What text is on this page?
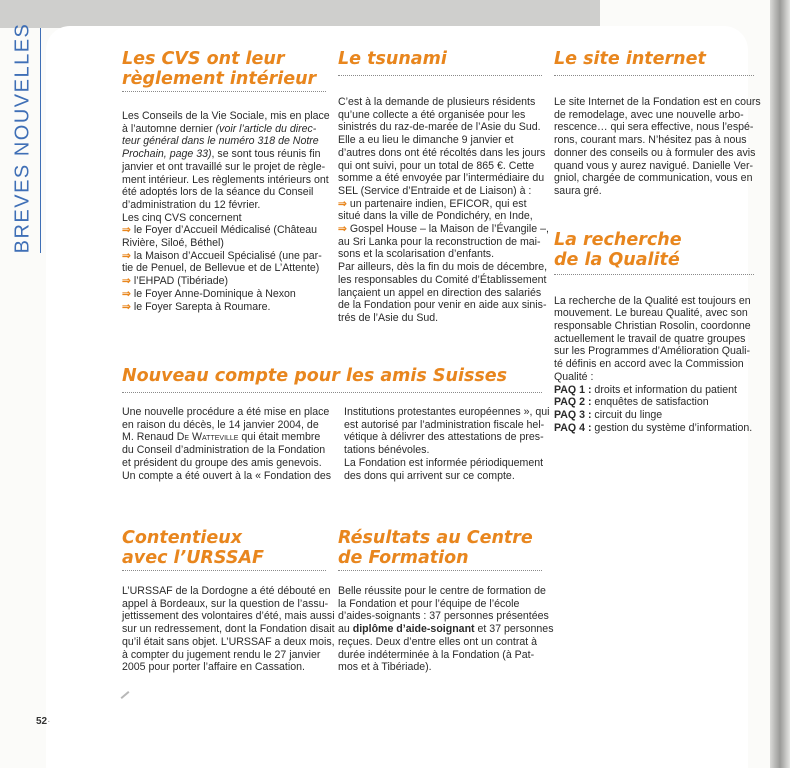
BREVES NOUVELLES	Les CVS ont leur
règlement intérieur
Les Conseils de la Vie Sociale, mis en place
à l’automne dernier (voir l’article du direc-
teur général dans le numéro 318 de Notre
Prochain, page 33), se sont tous réunis fin
janvier et ont travaillé sur le projet de règle-
ment intérieur. Les règlements intérieurs ont
été adoptés lors de la séance du Conseil
d’administration du 12 février.
Les cinq CVS concernent
⇒ le Foyer d’Accueil Médicalisé (Château
Rivière, Siloé, Béthel)
⇒ la Maison d’Accueil Spécialisé (une par-
tie de Penuel, de Bellevue et de L’Attente)
⇒ l’EHPAD (Tibériade)
⇒ le Foyer Anne-Dominique à Nexon
⇒ le Foyer Sarepta à Roumare.
Le tsunami
C’est à la demande de plusieurs résidents
qu’une collecte a été organisée pour les
sinistrés du raz-de-marée de l’Asie du Sud.
Elle a eu lieu le dimanche 9 janvier et
d’autres dons ont été récoltés dans les jours
qui ont suivi, pour un total de 865 €. Cette
somme a été envoyée par l’intermédiaire du
SEL (Service d’Entraide et de Liaison) à :
⇒ un partenaire indien, EFICOR, qui est
situé dans la ville de Pondichéry, en Inde,
⇒ Gospel House – la Maison de l’Évangile –,
au Sri Lanka pour la reconstruction de mai-
sons et la scolarisation d’enfants.
Par ailleurs, dès la fin du mois de décembre,
les responsables du Comité d’Établissement
lançaient un appel en direction des salariés
de la Fondation pour venir en aide aux sinis-
trés de l’Asie du Sud.
Le site internet
Le site Internet de la Fondation est en cours
de remodelage, avec une nouvelle arbo-
rescence… qui sera effective, nous l’espé-
rons, courant mars. N’hésitez pas à nous
donner des conseils ou à formuler des avis
quand vous y aurez navigué. Danielle Ver-
gniol, chargée de communication, vous en
saura gré.
La recherche
de la Qualité
La recherche de la Qualité est toujours en
mouvement. Le bureau Qualité, avec son
responsable Christian Rosolin, coordonne
actuellement le travail de quatre groupes
sur les Programmes d’Amélioration Quali-
té définis en accord avec la Commission
Qualité :
PAQ 1 : droits et information du patient
PAQ 2 : enquêtes de satisfaction
PAQ 3 : circuit du linge
PAQ 4 : gestion du système d’information.
Nouveau compte pour les amis Suisses
Une nouvelle procédure a été mise en place
en raison du décès, le 14 janvier 2004, de
M. Renaud De Watteville qui était membre
du Conseil d’administration de la Fondation
et président du groupe des amis genevois.
Un compte a été ouvert à la « Fondation des
Institutions protestantes européennes », qui
est autorisé par l’administration fiscale hel-
vétique à délivrer des attestations de pres-
tations bénévoles.
La Fondation est informée périodiquement
des dons qui arrivent sur ce compte.
Contentieux
avec l’URSSAF
L’URSSAF de la Dordogne a été débouté en
appel à Bordeaux, sur la question de l’assu-
jettissement des volontaires d’été, mais aussi
sur un redressement, dont la Fondation disait
qu’il était sans objet. L’URSSAF a deux mois,
à compter du jugement rendu le 27 janvier
2005 pour porter l’affaire en Cassation.
Résultats au Centre
de Formation
Belle réussite pour le centre de formation de
la Fondation et pour l’équipe de l’école
d’aides-soignants : 37 personnes présentées
au diplôme d’aide-soignant et 37 personnes
reçues. Deux d’entre elles ont un contrat à
durée indéterminée à la Fondation (à Pat-
mos et à Tibériade).
52·
